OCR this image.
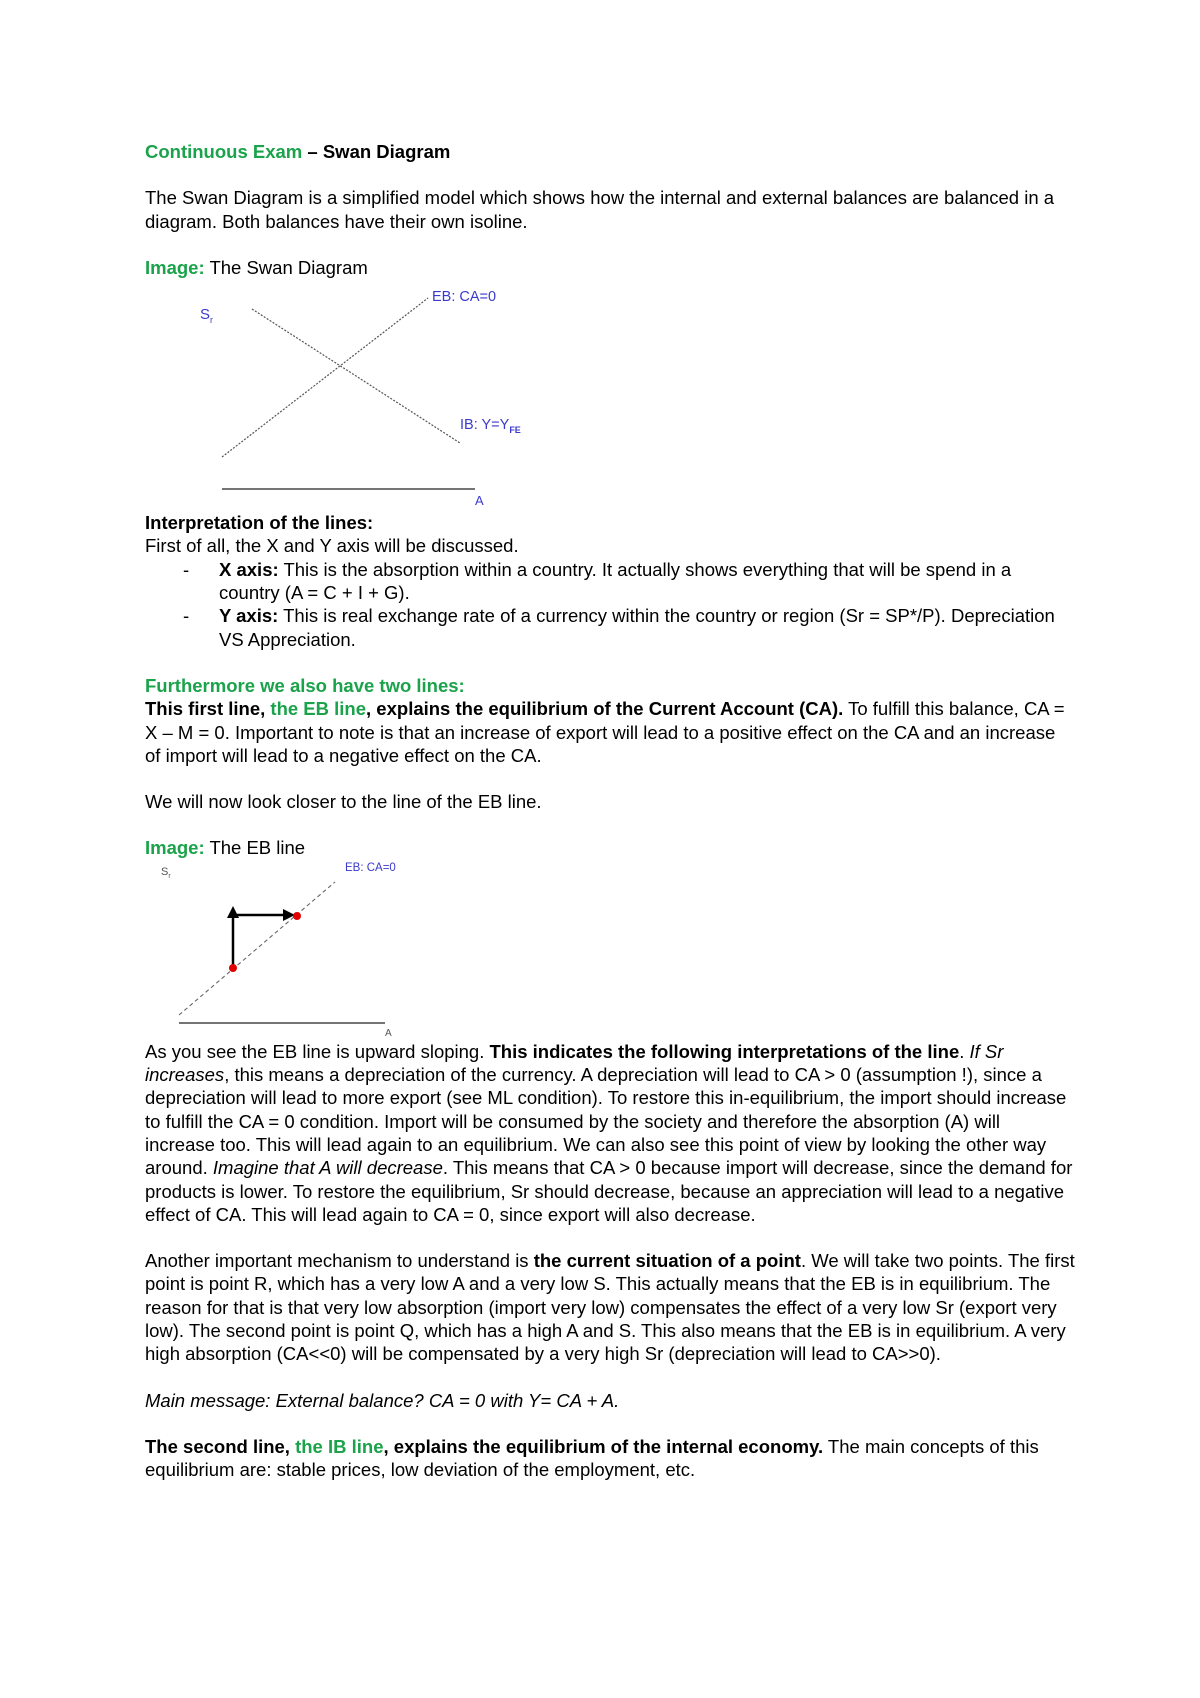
Continuous Exam – Swan Diagram

The Swan Diagram is a simplified model which shows how the internal and external balances are balanced in a diagram. Both balances have their own isoline.

Image: The Swan Diagram

$S_r$
EB: CA=0
IB: $Y=Y_{FE}$
A

Interpretation of the lines:

First of all, the X and Y axis will be discussed.

- X axis: This is the absorption within a country. It actually shows everything that will be spend in a country (A = C + I + G).
- Y axis: This is real exchange rate of a currency within the country or region (Sr = SP*/P). Depreciation VS Appreciation.

Furthermore we also have two lines:

This first line, the EB line, explains the equilibrium of the Current Account (CA). To fulfill this balance, CA = X – M = 0. Important to note is that an increase of export will lead to a positive effect on the CA and an increase of import will lead to a negative effect on the CA.

We will now look closer to the line of the EB line.

Image: The EB line

$S_r$
EB: CA=0
A

As you see the EB line is upward sloping. This indicates the following interpretations of the line. If Sr increases, this means a depreciation of the currency. A depreciation will lead to CA > 0 (assumption !), since a depreciation will lead to more export (see ML condition). To restore this in-equilibrium, the import should increase to fulfill the CA = 0 condition. Import will be consumed by the society and therefore the absorption (A) will increase too. This will lead again to an equilibrium. We can also see this point of view by looking the other way around. Imagine that A will decrease. This means that CA > 0 because import will decrease, since the demand for products is lower. To restore the equilibrium, Sr should decrease, because an appreciation will lead to a negative effect of CA. This will lead again to CA = 0, since export will also decrease.

Another important mechanism to understand is the current situation of a point. We will take two points. The first point is point R, which has a very low A and a very low S. This actually means that the EB is in equilibrium. The reason for that is that very low absorption (import very low) compensates the effect of a very low Sr (export very low). The second point is point Q, which has a high A and S. This also means that the EB is in equilibrium. A very high absorption (CA<<0) will be compensated by a very high Sr (depreciation will lead to CA>>0).

Main message: External balance? CA = 0 with Y= CA + A.

The second line, the IB line, explains the equilibrium of the internal economy. The main concepts of this equilibrium are: stable prices, low deviation of the employment, etc.
